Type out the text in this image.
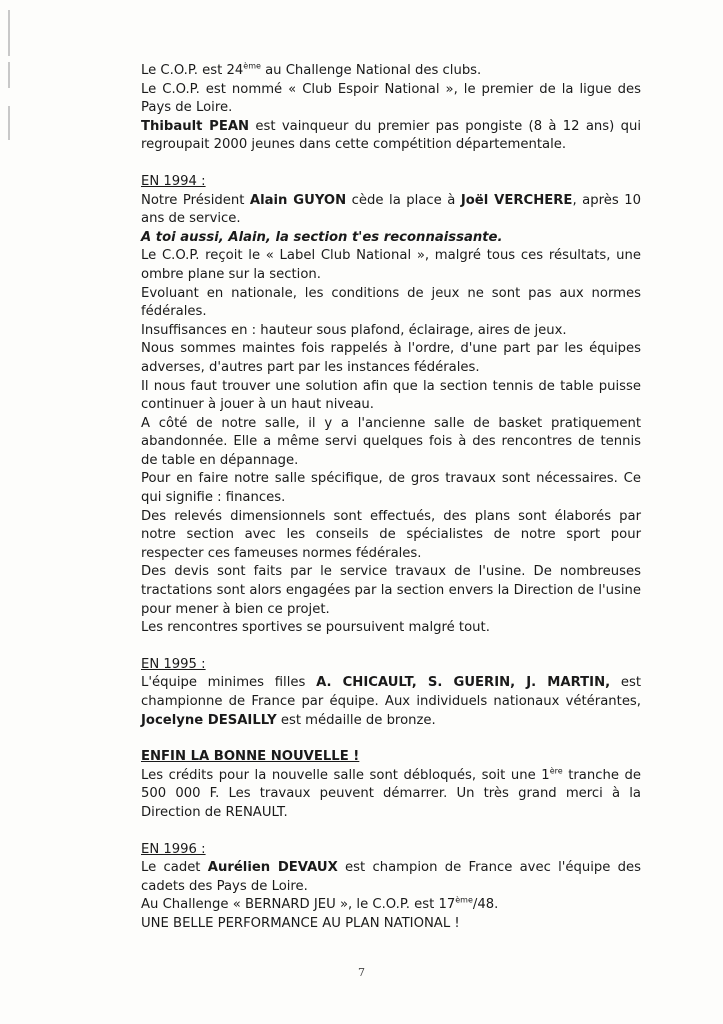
Le C.O.P. est 24ème au Challenge National des clubs.

Le C.O.P. est nommé « Club Espoir National », le premier de la ligue des Pays de Loire.

Thibault PEAN est vainqueur du premier pas pongiste (8 à 12 ans) qui regroupait 2000 jeunes dans cette compétition départementale.

EN 1994 :

Notre Président Alain GUYON cède la place à Joël VERCHERE, après 10 ans de service.

A toi aussi, Alain, la section t'es reconnaissante.

Le C.O.P. reçoit le « Label Club National », malgré tous ces résultats, une ombre plane sur la section.

Evoluant en nationale, les conditions de jeux ne sont pas aux normes fédérales.

Insuffisances en : hauteur sous plafond, éclairage, aires de jeux.

Nous sommes maintes fois rappelés à l'ordre, d'une part par les équipes adverses, d'autres part par les instances fédérales.

Il nous faut trouver une solution afin que la section tennis de table puisse continuer à jouer à un haut niveau.

A côté de notre salle, il y a l'ancienne salle de basket pratiquement abandonnée. Elle a même servi quelques fois à des rencontres de tennis de table en dépannage.

Pour en faire notre salle spécifique, de gros travaux sont nécessaires. Ce qui signifie : finances.

Des relevés dimensionnels sont effectués, des plans sont élaborés par notre section avec les conseils de spécialistes de notre sport pour respecter ces fameuses normes fédérales.

Des devis sont faits par le service travaux de l'usine. De nombreuses tractations sont alors engagées par la section envers la Direction de l'usine pour mener à bien ce projet.

Les rencontres sportives se poursuivent malgré tout.

EN 1995 :

L'équipe minimes filles A. CHICAULT, S. GUERIN, J. MARTIN, est championne de France par équipe. Aux individuels nationaux vétérantes, Jocelyne DESAILLY est médaille de bronze.

ENFIN LA BONNE NOUVELLE !

Les crédits pour la nouvelle salle sont débloqués, soit une 1ère tranche de 500 000 F. Les travaux peuvent démarrer. Un très grand merci à la Direction de RENAULT.

EN 1996 :

Le cadet Aurélien DEVAUX est champion de France avec l'équipe des cadets des Pays de Loire.

Au Challenge « BERNARD JEU », le C.O.P. est 17ème/48.

UNE BELLE PERFORMANCE AU PLAN NATIONAL !

7
